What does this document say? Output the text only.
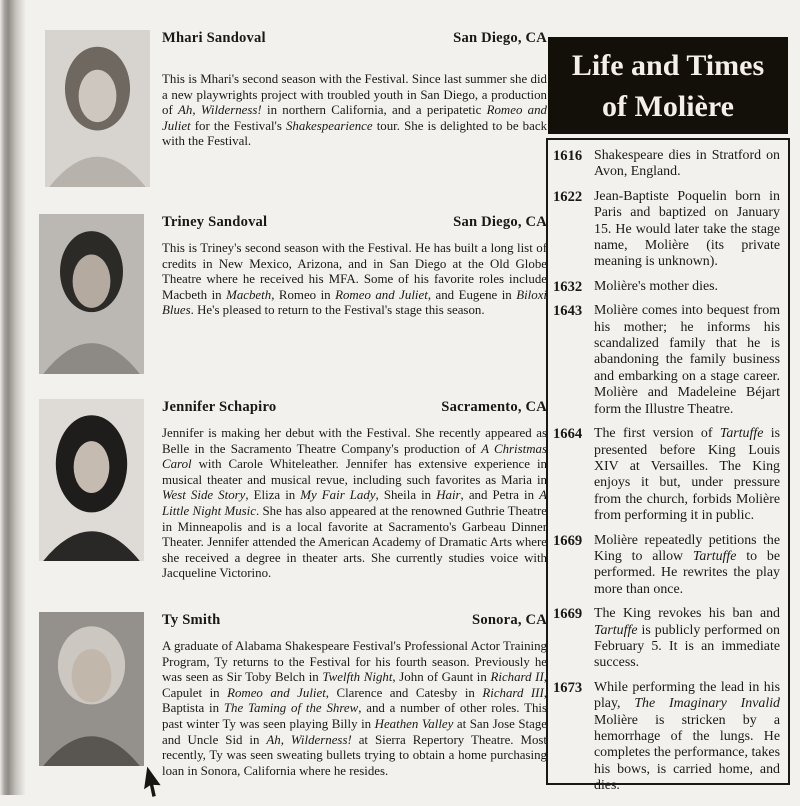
Mhari Sandoval	San Diego, CA

This is Mhari's second season with the Festival. Since last summer she did a new playwrights project with troubled youth in San Diego, a production of Ah, Wilderness! in northern California, and a peripatetic Romeo and Juliet for the Festival's Shakespearience tour. She is delighted to be back with the Festival.

Triney Sandoval	San Diego, CA

This is Triney's second season with the Festival. He has built a long list of credits in New Mexico, Arizona, and in San Diego at the Old Globe Theatre where he received his MFA. Some of his favorite roles include Macbeth in Macbeth, Romeo in Romeo and Juliet, and Eugene in Biloxi Blues. He's pleased to return to the Festival's stage this season.

Jennifer Schapiro	Sacramento, CA

Jennifer is making her debut with the Festival. She recently appeared as Belle in the Sacramento Theatre Company's production of A Christmas Carol with Carole Whiteleather. Jennifer has extensive experience in musical theater and musical revue, including such favorites as Maria in West Side Story, Eliza in My Fair Lady, Sheila in Hair, and Petra in A Little Night Music. She has also appeared at the renowned Guthrie Theatre in Minneapolis and is a local favorite at Sacramento's Garbeau Dinner Theater. Jennifer attended the American Academy of Dramatic Arts where she received a degree in theater arts. She currently studies voice with Jacqueline Victorino.

Ty Smith	Sonora, CA

A graduate of Alabama Shakespeare Festival's Professional Actor Training Program, Ty returns to the Festival for his fourth season. Previously he was seen as Sir Toby Belch in Twelfth Night, John of Gaunt in Richard II, Capulet in Romeo and Juliet, Clarence and Catesby in Richard III, Baptista in The Taming of the Shrew, and a number of other roles. This past winter Ty was seen playing Billy in Heathen Valley at San Jose Stage and Uncle Sid in Ah, Wilderness! at Sierra Repertory Theatre. Most recently, Ty was seen sweating bullets trying to obtain a home purchasing loan in Sonora, California where he resides.

Life and Times
of Molière
1616 Shakespeare dies in Stratford on Avon, England.
1622 Jean-Baptiste Poquelin born in Paris and baptized on January 15. He would later take the stage name, Molière (its private meaning is unknown).
1632 Molière's mother dies.
1643 Molière comes into bequest from his mother; he informs his scandalized family that he is abandoning the family business and embarking on a stage career. Molière and Madeleine Béjart form the Illustre Theatre.
1664 The first version of Tartuffe is presented before King Louis XIV at Versailles. The King enjoys it but, under pressure from the church, forbids Molière from performing it in public.
1669 Molière repeatedly petitions the King to allow Tartuffe to be performed. He rewrites the play more than once.
1669 The King revokes his ban and Tartuffe is publicly performed on February 5. It is an immediate success.
1673 While performing the lead in his play, The Imaginary Invalid Molière is stricken by a hemorrhage of the lungs. He completes the performance, takes his bows, is carried home, and dies.
